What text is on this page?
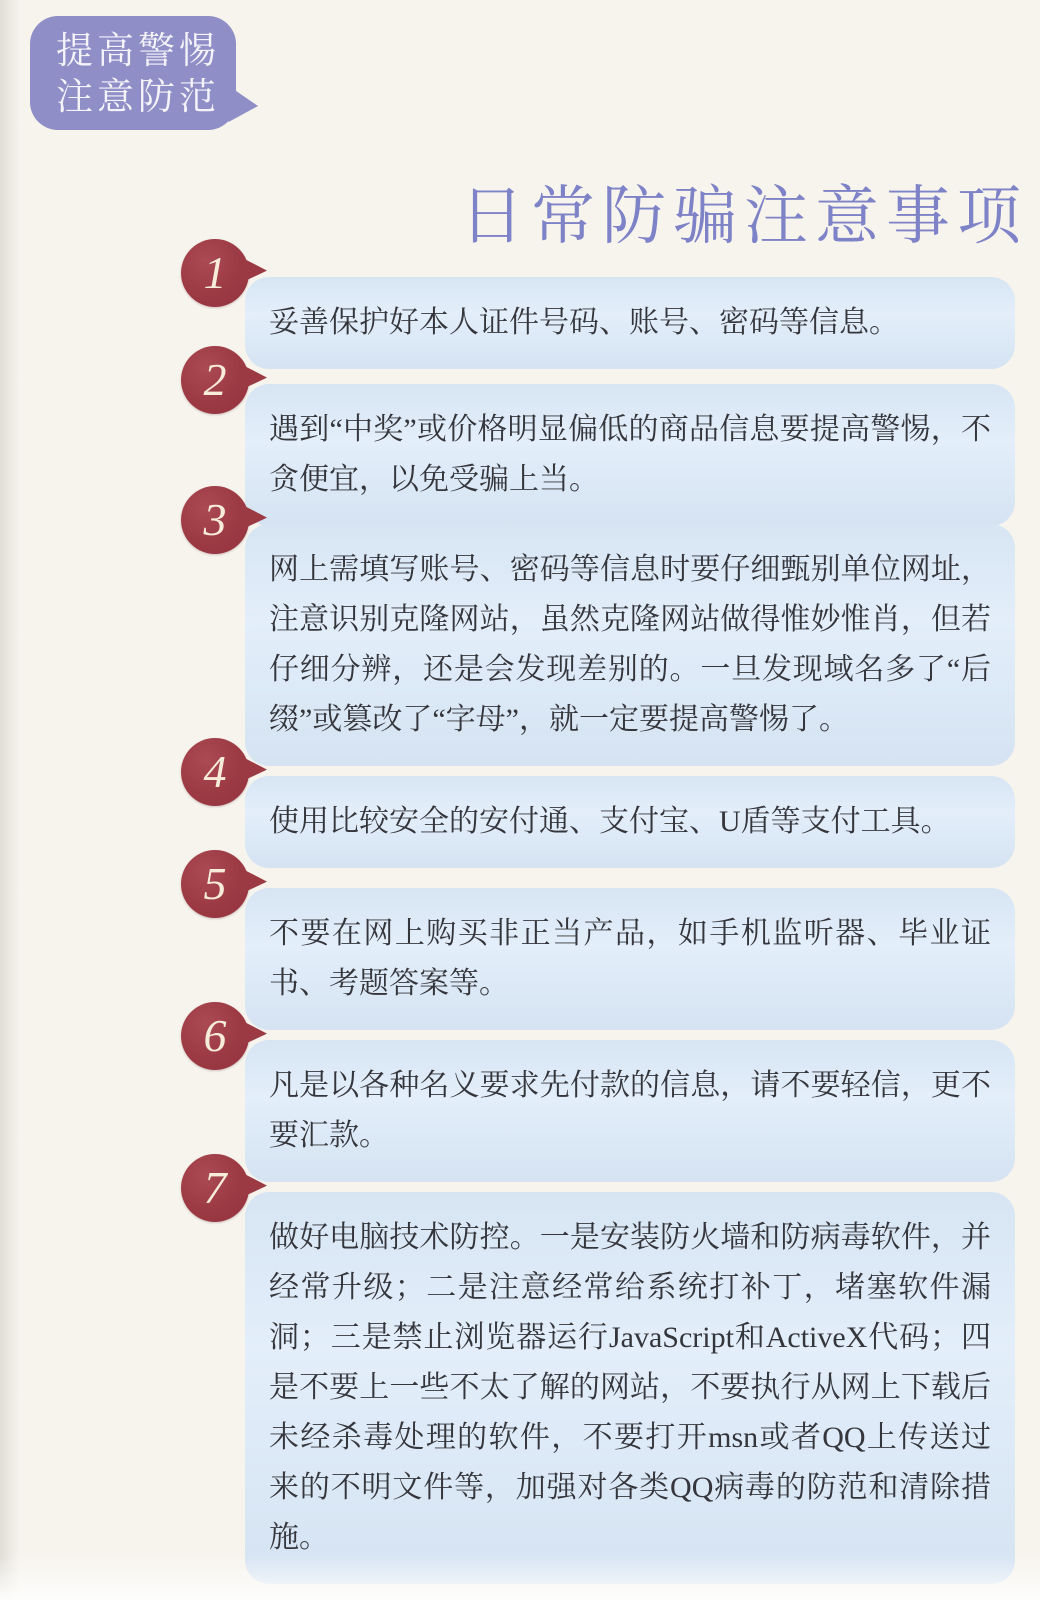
提高警惕
注意防范
日常防骗注意事项
1

妥善保护好本人证件号码、账号、密码等信息。

2

遇到“中奖”或价格明显偏低的商品信息要提高警惕，不贪便宜，以免受骗上当。

3

网上需填写账号、密码等信息时要仔细甄别单位网址，注意识别克隆网站，虽然克隆网站做得惟妙惟肖，但若仔细分辨，还是会发现差别的。一旦发现域名多了“后缀”或篡改了“字母”，就一定要提高警惕了。

4

使用比较安全的安付通、支付宝、U盾等支付工具。

5

不要在网上购买非正当产品，如手机监听器、毕业证书、考题答案等。

6

凡是以各种名义要求先付款的信息，请不要轻信，更不要汇款。

7

做好电脑技术防控。一是安装防火墙和防病毒软件，并经常升级；二是注意经常给系统打补丁，堵塞软件漏洞；三是禁止浏览器运行JavaScript和ActiveX代码；四是不要上一些不太了解的网站，不要执行从网上下载后未经杀毒处理的软件，不要打开msn或者QQ上传送过来的不明文件等，加强对各类QQ病毒的防范和清除措施。
